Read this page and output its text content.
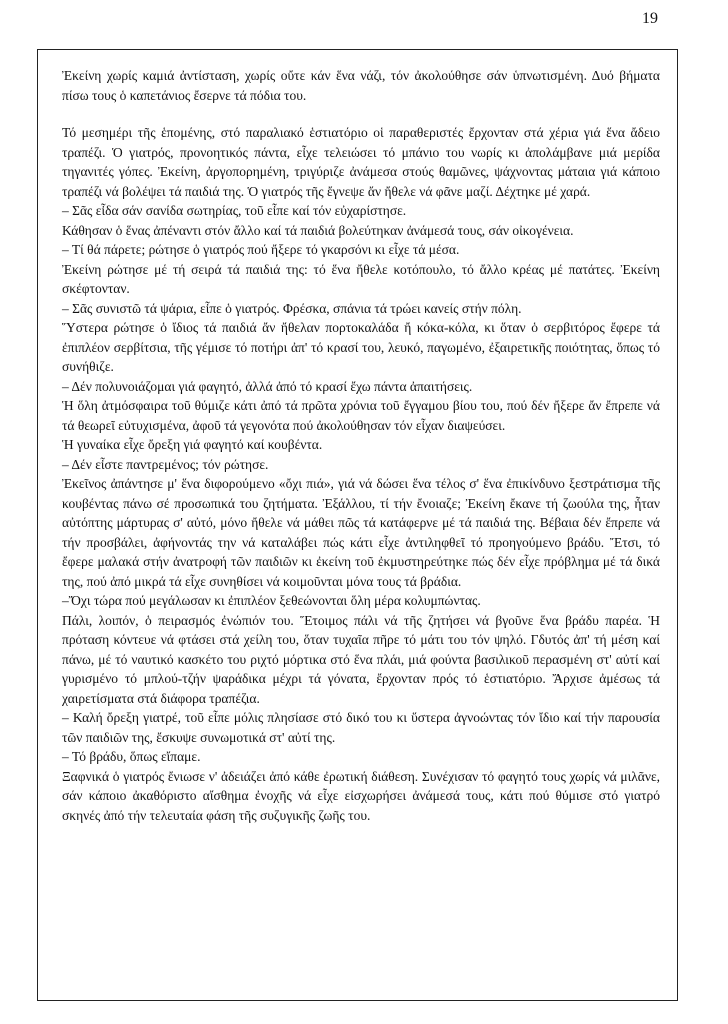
19

Ἐκείνη χωρίς καμιά ἀντίσταση, χωρίς οὔτε κάν ἕνα νάζι, τόν ἀκολούθησε σάν ὑπνωτισμένη. Δυό βήματα πίσω τους ὁ καπετάνιος ἔσερνε τά πόδια του.

Τό μεσημέρι τῆς ἑπομένης, στό παραλιακό ἑστιατόριο οἱ παραθεριστές ἔρχονταν στά χέρια γιά ἕνα ἄδειο τραπέζι. Ὁ γιατρός, προνοητικός πάντα, εἶχε τελειώσει τό μπάνιο του νωρίς κι ἀπολάμβανε μιά μερίδα τηγανιτές γόπες. Ἐκείνη, ἀργοπορημένη, τριγύριζε ἀνάμεσα στούς θαμῶνες, ψάχνοντας μάταια γιά κάποιο τραπέζι νά βολέψει τά παιδιά της. Ὁ γιατρός τῆς ἔγνεψε ἄν ἤθελε νά φᾶνε μαζί. Δέχτηκε μέ χαρά.

– Σᾶς εἶδα σάν σανίδα σωτηρίας, τοῦ εἶπε καί τόν εὐχαρίστησε.

Κάθησαν ὁ ἕνας ἀπέναντι στόν ἄλλο καί τά παιδιά βολεύτηκαν ἀνάμεσά τους, σάν οἰκογένεια.

– Τί θά πάρετε; ρώτησε ὁ γιατρός πού ἤξερε τό γκαρσόνι κι εἶχε τά μέσα.

Ἐκείνη ρώτησε μέ τή σειρά τά παιδιά της: τό ἕνα ἤθελε κοτόπουλο, τό ἄλλο κρέας μέ πατάτες. Ἐκείνη σκέφτονταν.

– Σᾶς συνιστῶ τά ψάρια, εἶπε ὁ γιατρός. Φρέσκα, σπάνια τά τρώει κανείς στήν πόλη.

Ὕστερα ρώτησε ὁ ἴδιος τά παιδιά ἄν ἤθελαν πορτοκαλάδα ἤ κόκα-κόλα, κι ὅταν ὁ σερβιτόρος ἔφερε τά ἐπιπλέον σερβίτσια, τῆς γέμισε τό ποτήρι ἀπ' τό κρασί του, λευκό, παγωμένο, ἐξαιρετικῆς ποιότητας, ὅπως τό συνήθιζε.

– Δέν πολυνοιάζομαι γιά φαγητό, ἀλλά ἀπό τό κρασί ἔχω πάντα ἀπαιτήσεις.

Ἡ ὅλη ἀτμόσφαιρα τοῦ θύμιζε κάτι ἀπό τά πρῶτα χρόνια τοῦ ἔγγαμου βίου του, πού δέν ἤξερε ἄν ἔπρεπε νά τά θεωρεῖ εὐτυχισμένα, ἀφοῦ τά γεγονότα πού ἀκολούθησαν τόν εἶχαν διαψεύσει.

Ἡ γυναίκα εἶχε ὄρεξη γιά φαγητό καί κουβέντα.

– Δέν εἶστε παντρεμένος; τόν ρώτησε.

Ἐκεῖνος ἀπάντησε μ' ἕνα διφορούμενο «ὄχι πιά», γιά νά δώσει ἕνα τέλος σ' ἕνα ἐπικίνδυνο ξεστράτισμα τῆς κουβέντας πάνω σέ προσωπικά του ζητήματα. Ἐξάλλου, τί τήν ἔνοιαζε; Ἐκείνη ἔκανε τή ζωούλα της, ἦταν αὐτόπτης μάρτυρας σ' αὐτό, μόνο ἤθελε νά μάθει πῶς τά κατάφερνε μέ τά παιδιά της. Βέβαια δέν ἔπρεπε νά τήν προσβάλει, ἀφήνοντάς την νά καταλάβει πώς κάτι εἶχε ἀντιληφθεῖ τό προηγούμενο βράδυ. Ἔτσι, τό ἔφερε μαλακά στήν ἀνατροφή τῶν παιδιῶν κι ἐκείνη τοῦ ἐκμυστηρεύτηκε πώς δέν εἶχε πρόβλημα μέ τά δικά της, πού ἀπό μικρά τά εἶχε συνηθίσει νά κοιμοῦνται μόνα τους τά βράδια.

–Ὄχι τώρα πού μεγάλωσαν κι ἐπιπλέον ξεθεώνονται ὅλη μέρα κολυμπώντας.

Πάλι, λοιπόν, ὁ πειρασμός ἐνώπιόν του. Ἕτοιμος πάλι νά τῆς ζητήσει νά βγοῦνε ἕνα βράδυ παρέα. Ἡ πρόταση κόντευε νά φτάσει στά χείλη του, ὅταν τυχαῖα πῆρε τό μάτι του τόν ψηλό. Γδυτός ἀπ' τή μέση καί πάνω, μέ τό ναυτικό κασκέτο του ριχτό μόρτικα στό ἕνα πλάι, μιά φούντα βασιλικοῦ περασμένη στ' αὐτί καί γυρισμένο τό μπλού-τζήν ψαράδικα μέχρι τά γόνατα, ἔρχονταν πρός τό ἑστιατόριο. Ἄρχισε ἀμέσως τά χαιρετίσματα στά διάφορα τραπέζια.

– Καλή ὄρεξη γιατρέ, τοῦ εἶπε μόλις πλησίασε στό δικό του κι ὕστερα ἀγνοώντας τόν ἴδιο καί τήν παρουσία τῶν παιδιῶν της, ἔσκυψε συνωμοτικά στ' αὐτί της.

– Τό βράδυ, ὅπως εἴπαμε.

Ξαφνικά ὁ γιατρός ἔνιωσε ν' ἀδειάζει ἀπό κάθε ἐρωτική διάθεση. Συνέχισαν τό φαγητό τους χωρίς νά μιλᾶνε, σάν κάποιο ἀκαθόριστο αἴσθημα ἐνοχῆς νά εἶχε εἰσχωρήσει ἀνάμεσά τους, κάτι πού θύμισε στό γιατρό σκηνές ἀπό τήν τελευταία φάση τῆς συζυγικῆς ζωῆς του.
